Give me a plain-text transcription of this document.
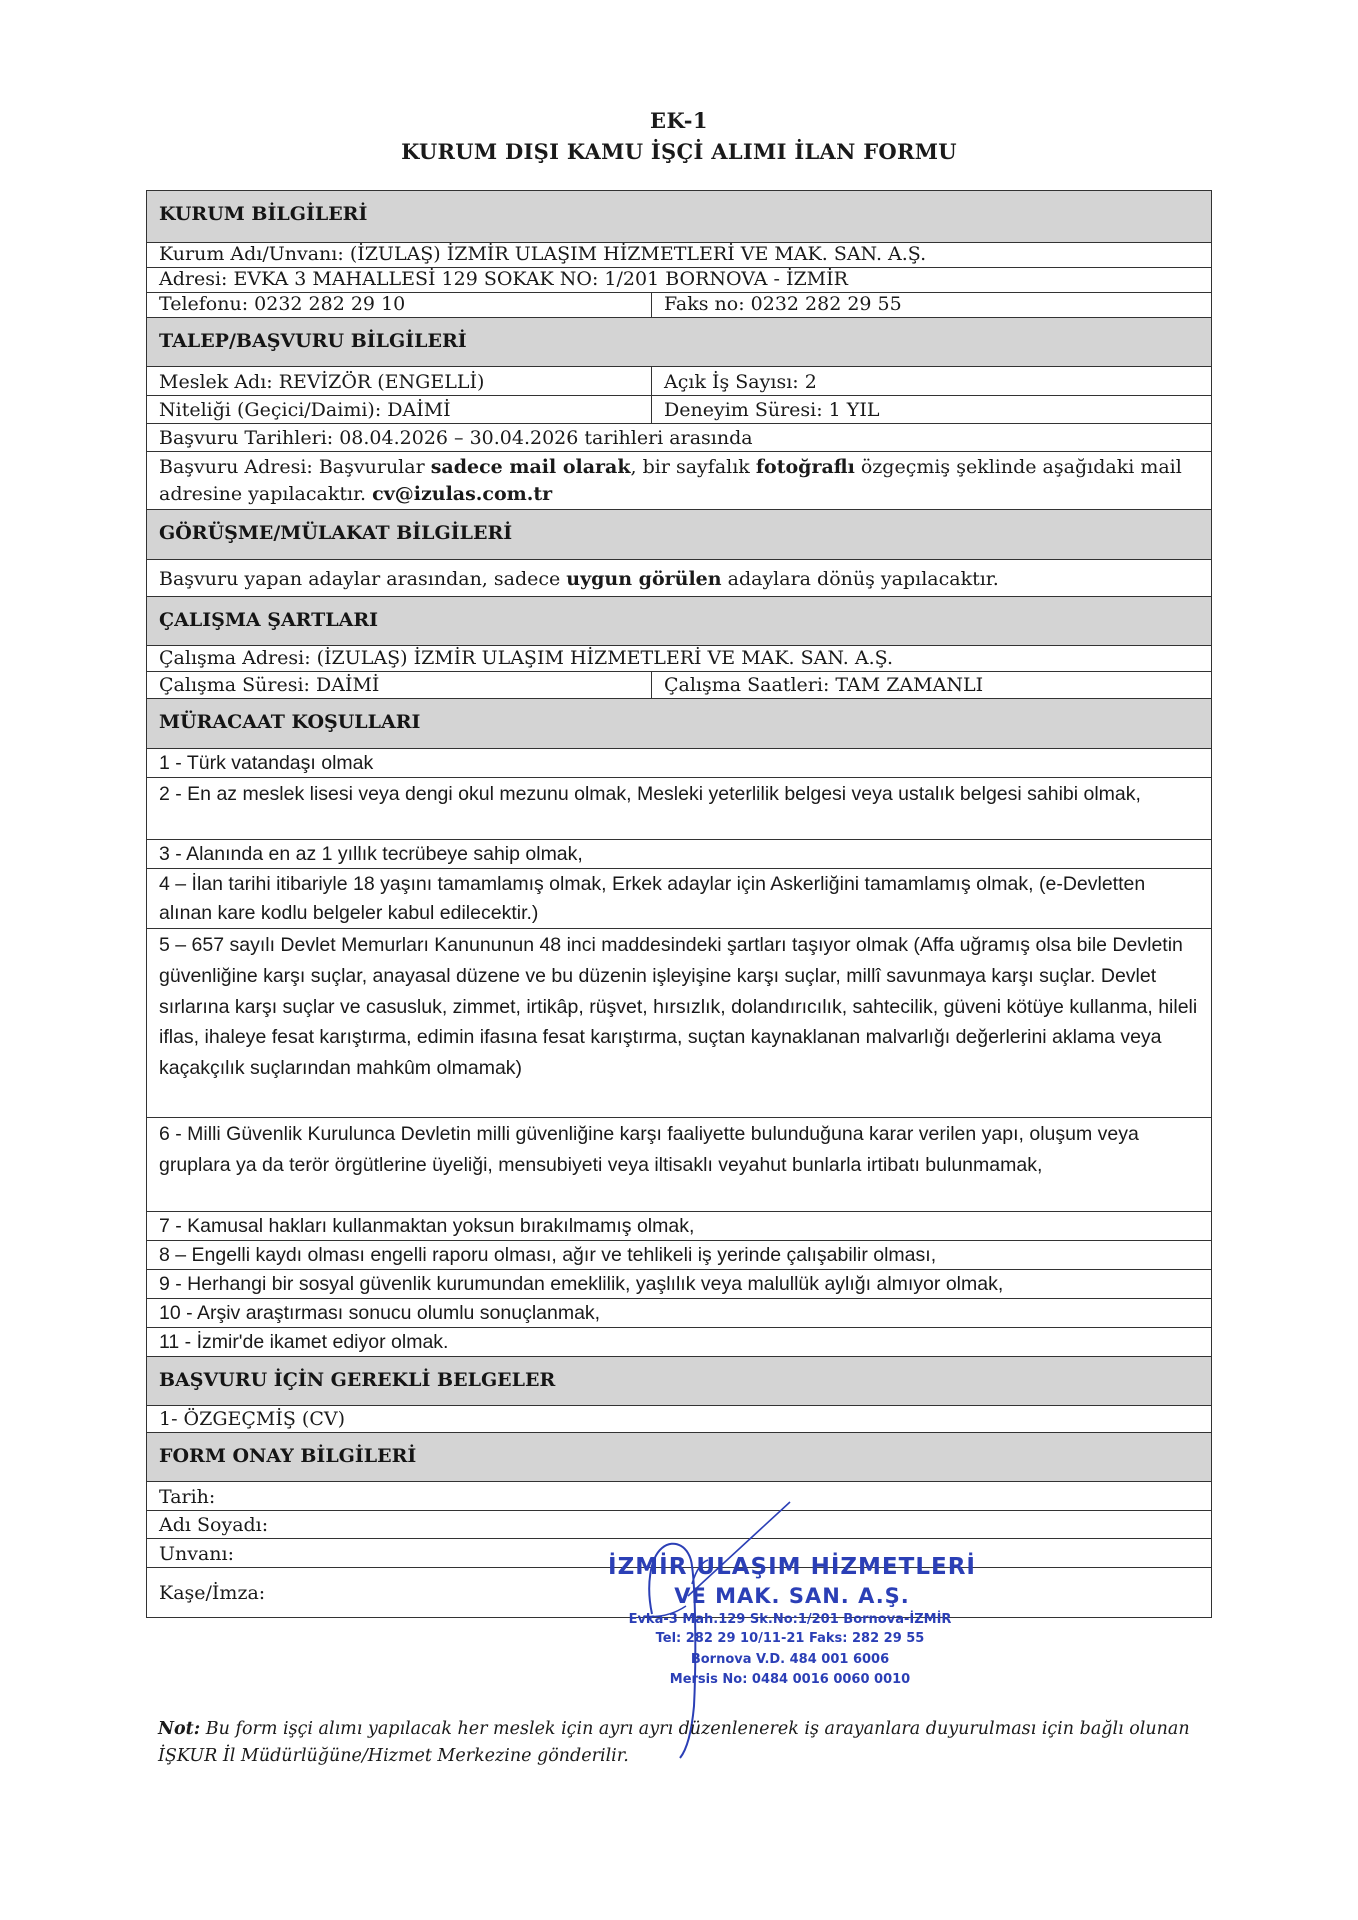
EK-1
KURUM DIŞI KAMU İŞÇİ ALIMI İLAN FORMU
KURUM BİLGİLERİ
Kurum Adı/Unvanı: (İZULAŞ) İZMİR ULAŞIM HİZMETLERİ VE MAK. SAN. A.Ş.
Adresi: EVKA 3 MAHALLESİ 129 SOKAK NO: 1/201 BORNOVA - İZMİR
Telefonu: 0232 282 29 10	Faks no: 0232 282 29 55
TALEP/BAŞVURU BİLGİLERİ
Meslek Adı: REVİZÖR (ENGELLİ)	Açık İş Sayısı: 2
Niteliği (Geçici/Daimi): DAİMİ	Deneyim Süresi: 1 YIL
Başvuru Tarihleri: 08.04.2026 – 30.04.2026 tarihleri arasında
Başvuru Adresi: Başvurular sadece mail olarak, bir sayfalık fotoğraflı özgeçmiş şeklinde aşağıdaki mail adresine yapılacaktır. cv@izulas.com.tr
GÖRÜŞME/MÜLAKAT BİLGİLERİ
Başvuru yapan adaylar arasından, sadece uygun görülen adaylara dönüş yapılacaktır.
ÇALIŞMA ŞARTLARI
Çalışma Adresi: (İZULAŞ) İZMİR ULAŞIM HİZMETLERİ VE MAK. SAN. A.Ş.
Çalışma Süresi: DAİMİ	Çalışma Saatleri: TAM ZAMANLI
MÜRACAAT KOŞULLARI
1 - Türk vatandaşı olmak
2 - En az meslek lisesi veya dengi okul mezunu olmak, Mesleki yeterlilik belgesi veya ustalık belgesi sahibi olmak,
3 - Alanında en az 1 yıllık tecrübeye sahip olmak,
4 – İlan tarihi itibariyle 18 yaşını tamamlamış olmak, Erkek adaylar için Askerliğini tamamlamış olmak, (e-Devletten alınan kare kodlu belgeler kabul edilecektir.)
5 – 657 sayılı Devlet Memurları Kanununun 48 inci maddesindeki şartları taşıyor olmak (Affa uğramış olsa bile Devletin güvenliğine karşı suçlar, anayasal düzene ve bu düzenin işleyişine karşı suçlar, millî savunmaya karşı suçlar. Devlet sırlarına karşı suçlar ve casusluk, zimmet, irtikâp, rüşvet, hırsızlık, dolandırıcılık, sahtecilik, güveni kötüye kullanma, hileli iflas, ihaleye fesat karıştırma, edimin ifasına fesat karıştırma, suçtan kaynaklanan malvarlığı değerlerini aklama veya kaçakçılık suçlarından mahkûm olmamak)
6 - Milli Güvenlik Kurulunca Devletin milli güvenliğine karşı faaliyette bulunduğuna karar verilen yapı, oluşum veya gruplara ya da terör örgütlerine üyeliği, mensubiyeti veya iltisaklı veyahut bunlarla irtibatı bulunmamak,
7 - Kamusal hakları kullanmaktan yoksun bırakılmamış olmak,
8 – Engelli kaydı olması engelli raporu olması, ağır ve tehlikeli iş yerinde çalışabilir olması,
9 - Herhangi bir sosyal güvenlik kurumundan emeklilik, yaşlılık veya malullük aylığı almıyor olmak,
10 - Arşiv araştırması sonucu olumlu sonuçlanmak,
11 - İzmir'de ikamet ediyor olmak.
BAŞVURU İÇİN GEREKLİ BELGELER
1- ÖZGEÇMİŞ (CV)
FORM ONAY BİLGİLERİ
Tarih:
Adı Soyadı:
Unvanı:
Kaşe/İmza:
İZMİR ULAŞIM HİZMETLERİ
VE MAK. SAN. A.Ş.
Evka-3 Mah.129 Sk.No:1/201 Bornova-İZMİR
Tel: 282 29 10/11-21 Faks: 282 29 55
Bornova V.D. 484 001 6006
Mersis No: 0484 0016 0060 0010
Not: Bu form işçi alımı yapılacak her meslek için ayrı ayrı düzenlenerek iş arayanlara duyurulması için bağlı olunan İŞKUR İl Müdürlüğüne/Hizmet Merkezine gönderilir.
